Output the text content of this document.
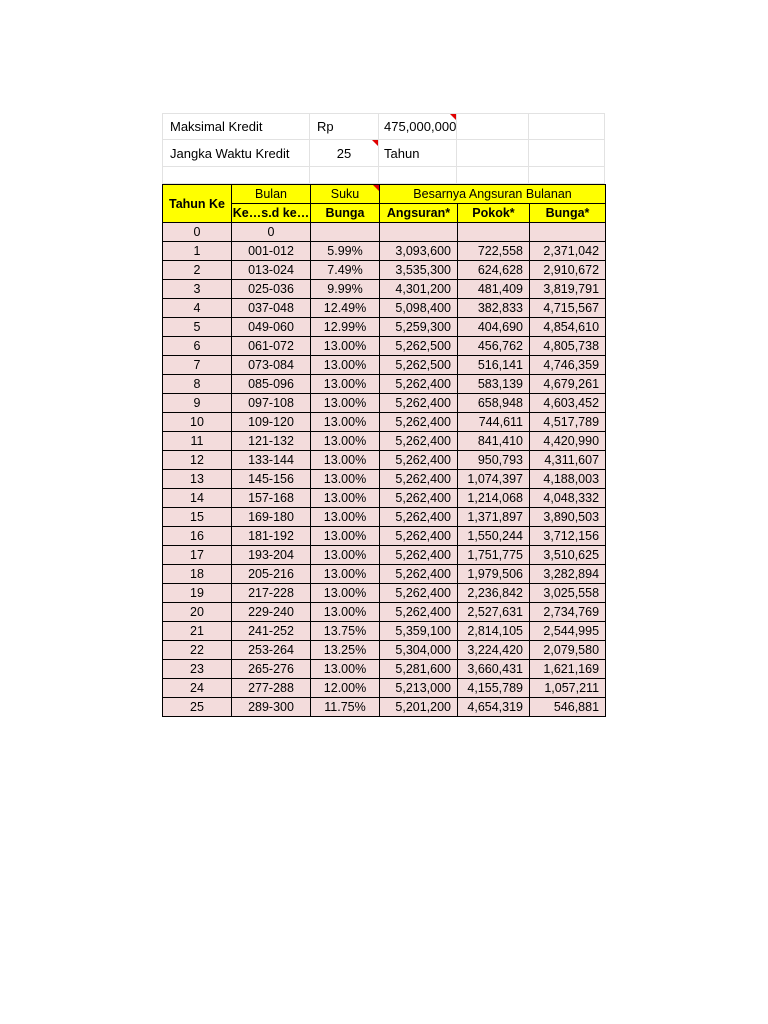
Maksimal Kredit	Rp	475,000,000
Jangka Waktu Kredit	25	Tahun
Tahun Ke	Bulan	Suku	Besarnya Angsuran Bulanan		
	Ke…s.d ke…	Bunga	Angsuran*	Pokok*	Bunga*
0	0				
1	001-012	5.99%	3,093,600	722,558	2,371,042
2	013-024	7.49%	3,535,300	624,628	2,910,672
3	025-036	9.99%	4,301,200	481,409	3,819,791
4	037-048	12.49%	5,098,400	382,833	4,715,567
5	049-060	12.99%	5,259,300	404,690	4,854,610
6	061-072	13.00%	5,262,500	456,762	4,805,738
7	073-084	13.00%	5,262,500	516,141	4,746,359
8	085-096	13.00%	5,262,400	583,139	4,679,261
9	097-108	13.00%	5,262,400	658,948	4,603,452
10	109-120	13.00%	5,262,400	744,611	4,517,789
11	121-132	13.00%	5,262,400	841,410	4,420,990
12	133-144	13.00%	5,262,400	950,793	4,311,607
13	145-156	13.00%	5,262,400	1,074,397	4,188,003
14	157-168	13.00%	5,262,400	1,214,068	4,048,332
15	169-180	13.00%	5,262,400	1,371,897	3,890,503
16	181-192	13.00%	5,262,400	1,550,244	3,712,156
17	193-204	13.00%	5,262,400	1,751,775	3,510,625
18	205-216	13.00%	5,262,400	1,979,506	3,282,894
19	217-228	13.00%	5,262,400	2,236,842	3,025,558
20	229-240	13.00%	5,262,400	2,527,631	2,734,769
21	241-252	13.75%	5,359,100	2,814,105	2,544,995
22	253-264	13.25%	5,304,000	3,224,420	2,079,580
23	265-276	13.00%	5,281,600	3,660,431	1,621,169
24	277-288	12.00%	5,213,000	4,155,789	1,057,211
25	289-300	11.75%	5,201,200	4,654,319	546,881
